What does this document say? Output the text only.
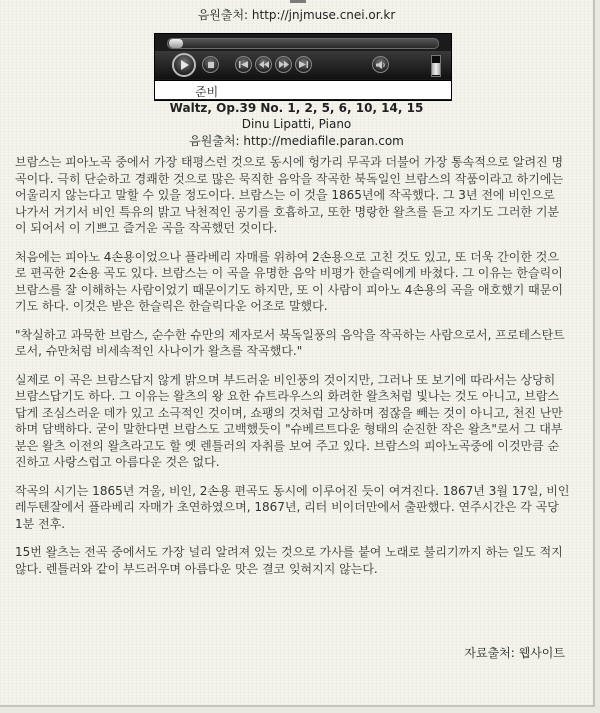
음원출처: http://jnjmuse.cnei.or.kr
준비
Waltz, Op.39 No. 1, 2, 5, 6, 10, 14, 15
Dinu Lipatti, Piano
음원출처: http://mediafile.paran.com

브람스는 피아노곡 중에서 가장 태평스런 것으로 동시에 헝가리 무곡과 더불어 가장 통속적으로 알려진 명곡이다. 극히 단순하고 경쾌한 것으로 많은 묵직한 음악을 작곡한 북독일인 브람스의 작품이라고 하기에는 어울리지 않는다고 말할 수 있을 정도이다. 브람스는 이 것을 1865년에 작곡했다. 그 3년 전에 비인으로 나가서 거기서 비인 특유의 밝고 낙천적인 공기를 호흡하고, 또한 명랑한 왈츠를 듣고 자기도 그러한 기분이 되어서 이 기쁘고 즐거운 곡을 작곡했던 것이다.

처음에는 피아노 4손용이었으나 플라베리 자매를 위하여 2손용으로 고친 것도 있고, 또 더욱 간이한 것으로 편곡한 2손용 곡도 있다. 브람스는 이 곡을 유명한 음악 비평가 한슬릭에게 바쳤다. 그 이유는 한슬릭이 브람스를 잘 이해하는 사람이었기 때문이기도 하지만, 또 이 사람이 피아노 4손용의 곡을 애호했기 때문이기도 하다. 이것은 받은 한슬릭은 한슬릭다운 어조로 말했다.

"착실하고 과묵한 브람스, 순수한 슈만의 제자로서 북독일풍의 음악을 작곡하는 사람으로서, 프로테스탄트로서, 슈만처럼 비세속적인 사나이가 왈츠를 작곡했다."

실제로 이 곡은 브람스답지 않게 밝으며 부드러운 비인풍의 것이지만, 그러나 또 보기에 따라서는 상당히 브람스답기도 하다. 그 이유는 왈츠의 왕 요한 슈트라우스의 화려한 왈츠처럼 빛나는 것도 아니고, 브람스답게 조심스러운 데가 있고 소극적인 것이며, 쇼팽의 것처럼 고상하며 점잖을 빼는 것이 아니고, 천진 난만하며 담백하다. 굳이 말한다면 브람스도 고백했듯이 "슈베르트다운 형태의 순진한 작은 왈츠"로서 그 대부분은 왈츠 이전의 왈츠라고도 할 옛 렌틀러의 자취를 보여 주고 있다. 브람스의 피아노곡중에 이것만큼 순진하고 사랑스럽고 아름다운 것은 없다.

작곡의 시기는 1865년 겨울, 비인, 2손용 편곡도 동시에 이루어진 듯이 여겨진다. 1867년 3월 17일, 비인 레두텐잘에서 플라베리 자매가 초연하였으며, 1867년, 리터 비이더만에서 출판했다. 연주시간은 각 곡당 1분 전후.

15번 왈츠는 전곡 중에서도 가장 널리 알려져 있는 것으로 가사를 붙여 노래로 불리기까지 하는 일도 적지 않다. 렌틀러와 같이 부드러우며 아름다운 맛은 결코 잊혀지지 않는다.

자료출처: 웹사이트
